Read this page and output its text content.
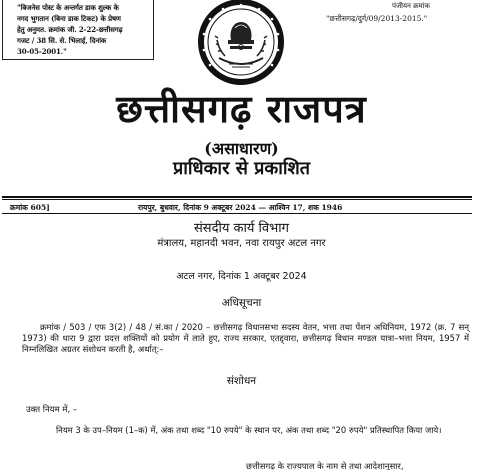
"बिजनेस पोस्ट के अन्तर्गत डाक शुल्क के
नगद भुगतान (बिना डाक टिकट) के प्रेषण
हेतु अनुमत. क्रमांक जी. 2-22-छत्तीसगढ़
गजट / 38 सि. से. भिलाई, दिनांक
30-05-2001."
पंजीयन क्रमांक
"छत्तीसगढ़/दुर्ग/09/2013-2015."
छत्तीसगढ़ राजपत्र
(असाधारण)
प्राधिकार से प्रकाशित
क्रमांक 605]	रायपुर, बुधवार, दिनांक 9 अक्टूबर 2024 — आश्विन 17, शक 1946
संसदीय कार्य विभाग
मंत्रालय, महानदी भवन, नवा रायपुर अटल नगर
अटल नगर, दिनांक 1 अक्टूबर 2024
अधिसूचना
क्रमांक / 503 / एफ 3(2) / 48 / सं.का / 2020 – छत्तीसगढ़ विधानसभा सदस्य वेतन, भत्ता तथा पेंशन अधिनियम, 1972 (क्र. 7 सन् 1973) की धारा 9 द्वारा प्रदत्त शक्तियों को प्रयोग में लाते हुए, राज्य सरकार, एतद्द्वारा, छत्तीसगढ़ विधान मण्डल यात्रा–भत्ता नियम, 1957 में निम्नलिखित अग्रतर संशोधन करती है, अर्थात्:–
संशोधन
उक्त नियम में, –
नियम 3 के उप–नियम (1–क) में, अंक तथा शब्द "10 रुपये" के स्थान पर, अंक तथा शब्द "20 रुपये" प्रतिस्थापित किया जाये।
छत्तीसगढ़ के राज्यपाल के नाम से तथा आदेशानुसार,
